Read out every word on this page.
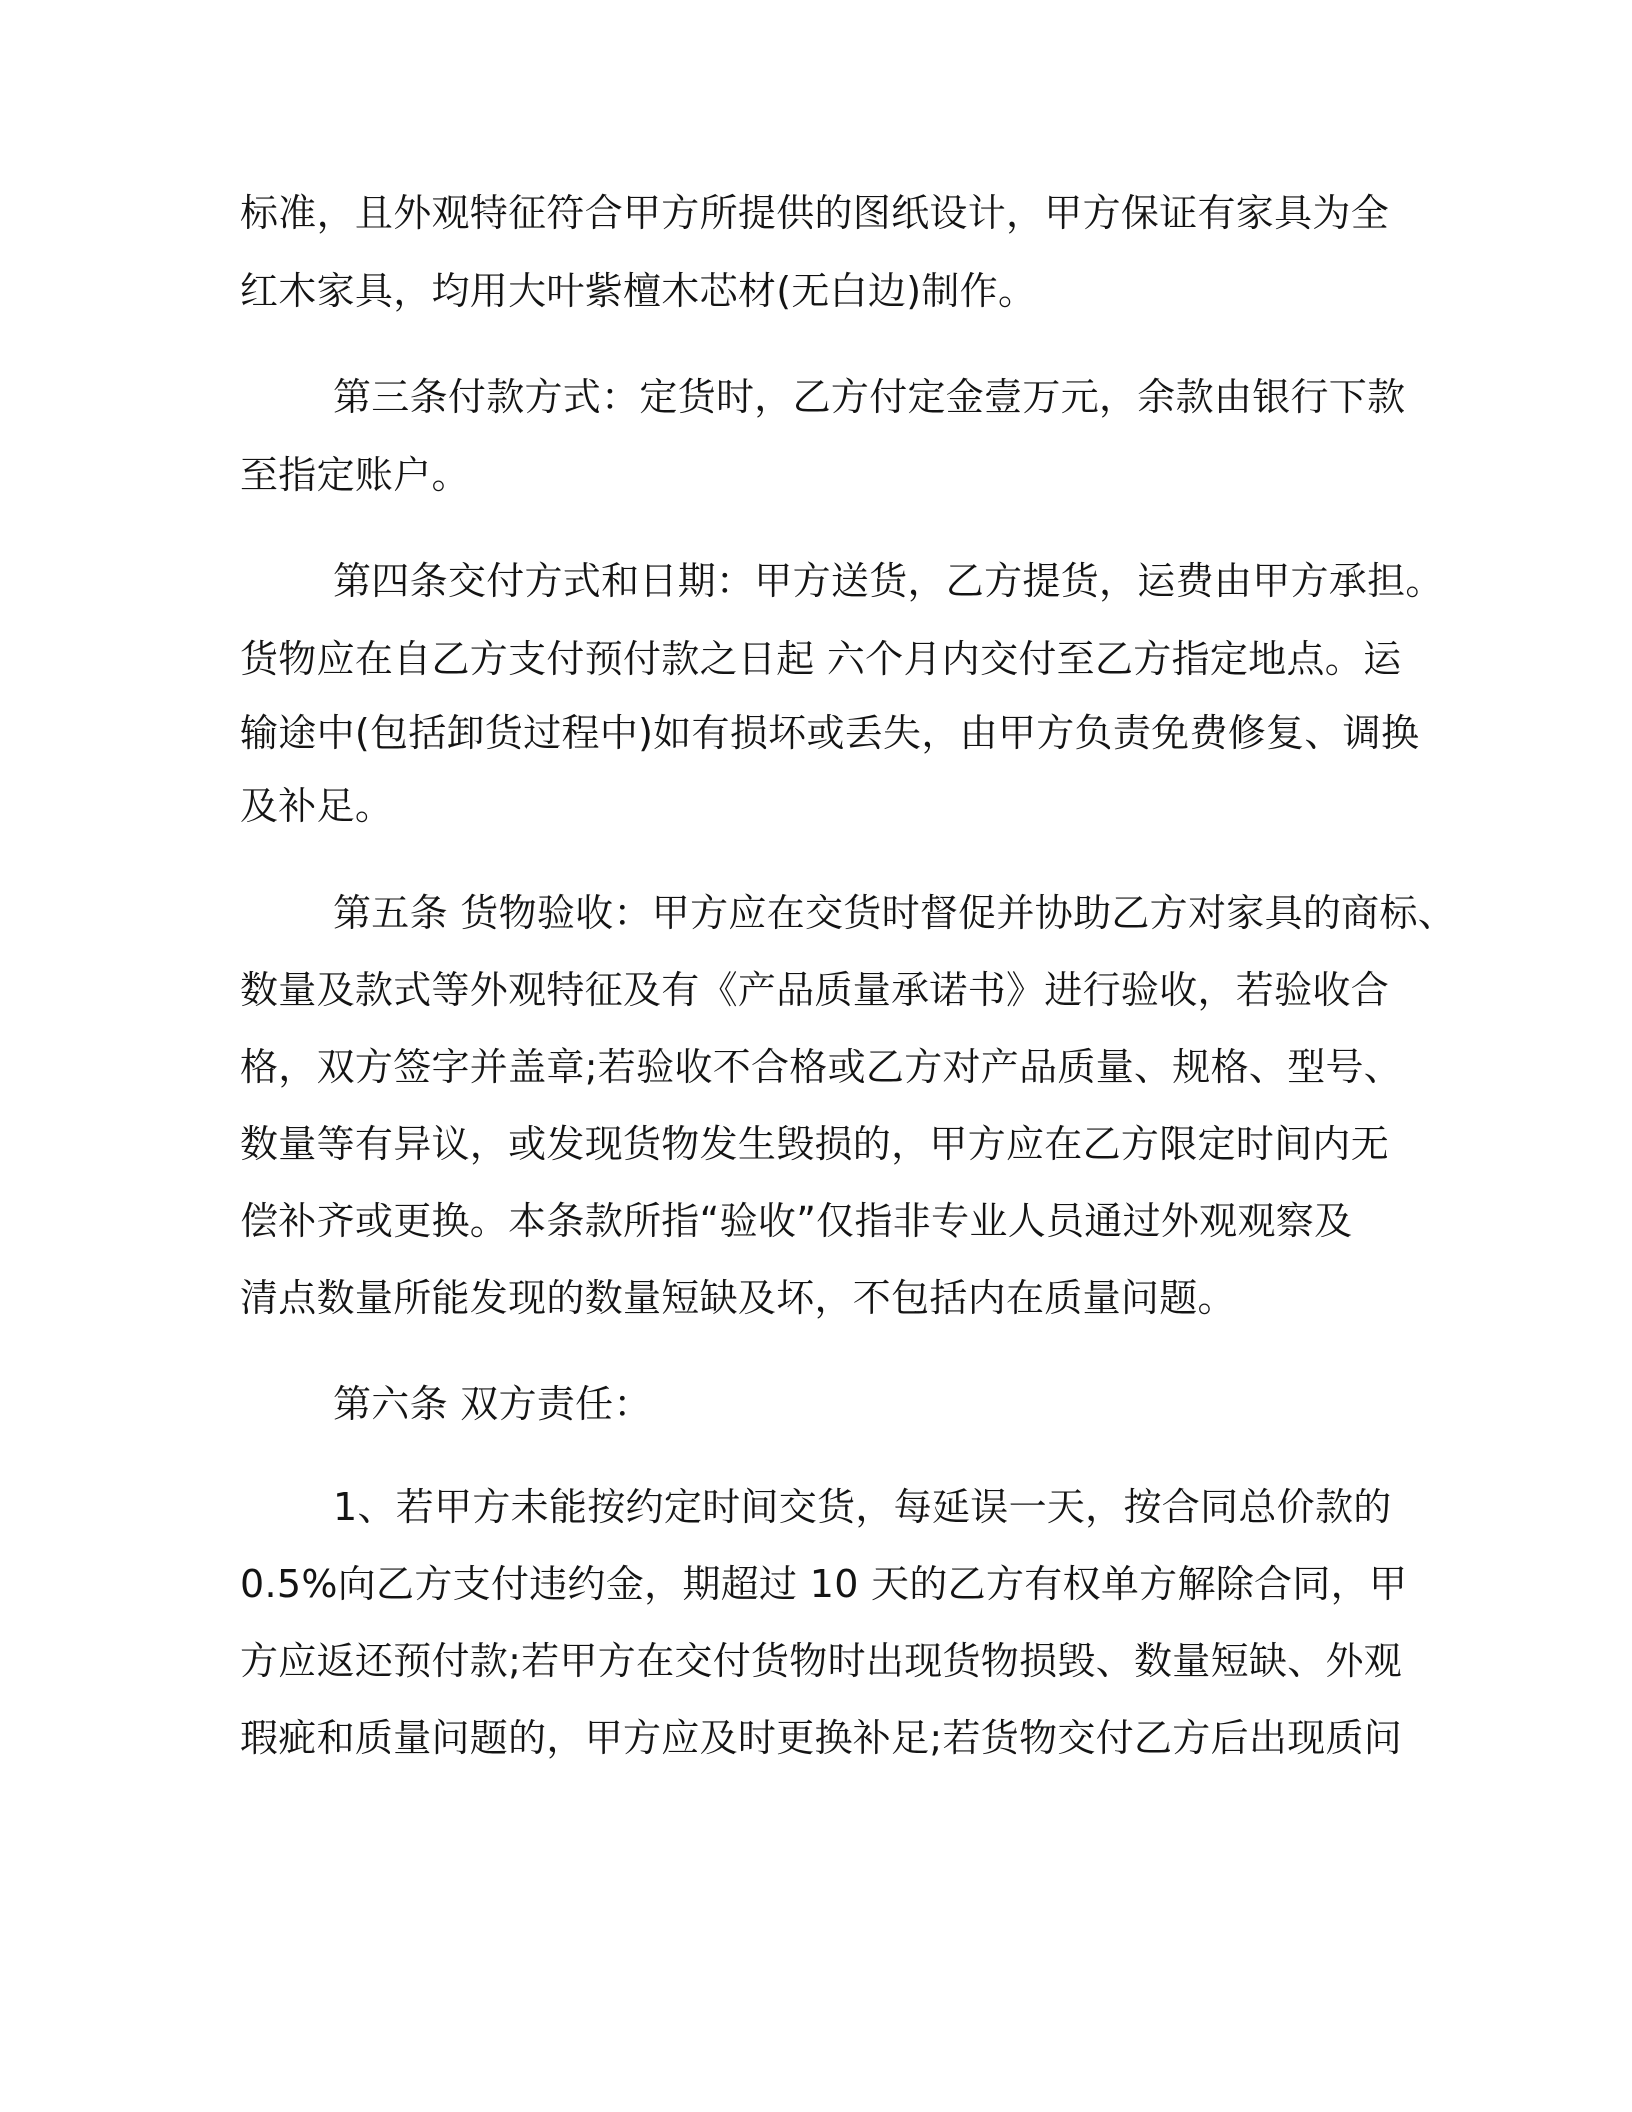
标准，且外观特征符合甲方所提供的图纸设计，甲方保证有家具为全
红木家具，均用大叶紫檀木芯材(无白边)制作。
第三条付款方式：定货时，乙方付定金壹万元，余款由银行下款
至指定账户。
第四条交付方式和日期：甲方送货，乙方提货，运费由甲方承担。
货物应在自乙方支付预付款之日起 六个月内交付至乙方指定地点。运
输途中(包括卸货过程中)如有损坏或丢失，由甲方负责免费修复、调换
及补足。
第五条 货物验收：甲方应在交货时督促并协助乙方对家具的商标、
数量及款式等外观特征及有《产品质量承诺书》进行验收，若验收合
格，双方签字并盖章;若验收不合格或乙方对产品质量、规格、型号、
数量等有异议，或发现货物发生毁损的，甲方应在乙方限定时间内无
偿补齐或更换。本条款所指“验收”仅指非专业人员通过外观观察及
清点数量所能发现的数量短缺及坏，不包括内在质量问题。
第六条 双方责任：
1、若甲方未能按约定时间交货，每延误一天，按合同总价款的
0.5%向乙方支付违约金，期超过 10 天的乙方有权单方解除合同，甲
方应返还预付款;若甲方在交付货物时出现货物损毁、数量短缺、外观
瑕疵和质量问题的，甲方应及时更换补足;若货物交付乙方后出现质问
